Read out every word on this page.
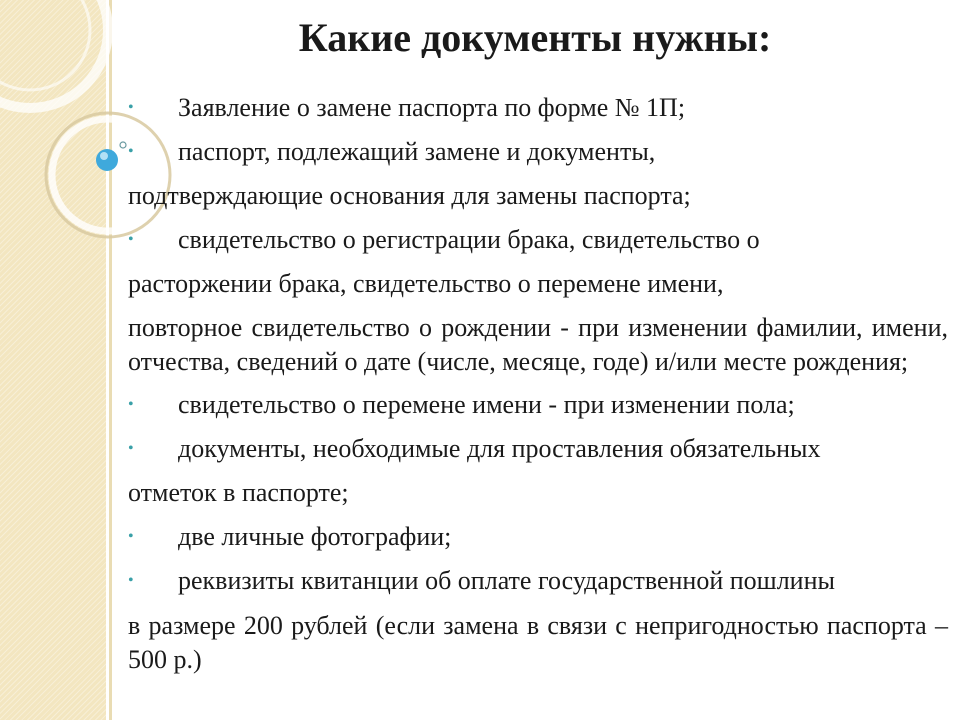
Какие документы нужны:
• Заявление о замене паспорта по форме № 1П;
• паспорт, подлежащий замене и документы,
подтверждающие основания для замены паспорта;
• свидетельство о регистрации брака, свидетельство о
расторжении брака, свидетельство о перемене имени,
повторное свидетельство о рождении - при изменении фамилии, имени, отчества, сведений о дате (числе, месяце, годе) и/или месте рождения;
• свидетельство о перемене имени - при изменении пола;
• документы, необходимые для проставления обязательных
отметок в паспорте;
• две личные фотографии;
• реквизиты квитанции об оплате государственной пошлины
в размере 200 рублей (если замена в связи с непригодностью паспорта – 500 р.)
